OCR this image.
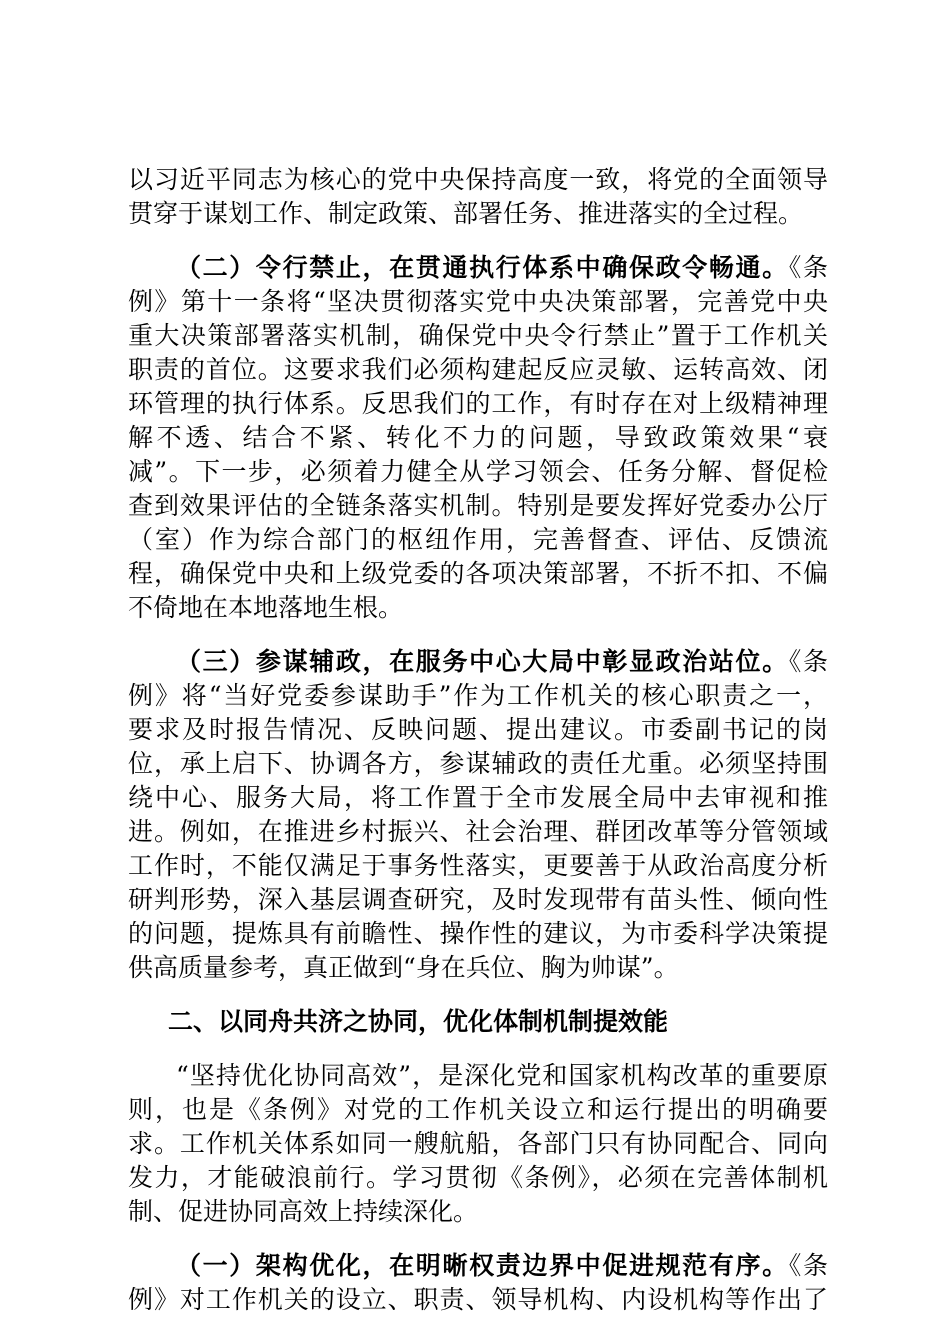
以习近平同志为核心的党中央保持高度一致，将党的全面领导
贯穿于谋划工作、制定政策、部署任务、推进落实的全过程。
（二）令行禁止，在贯通执行体系中确保政令畅通。《条
例》第十一条将“坚决贯彻落实党中央决策部署，完善党中央
重大决策部署落实机制，确保党中央令行禁止”置于工作机关
职责的首位。这要求我们必须构建起反应灵敏、运转高效、闭
环管理的执行体系。反思我们的工作，有时存在对上级精神理
解不透、结合不紧、转化不力的问题，导致政策效果“衰
减”。下一步，必须着力健全从学习领会、任务分解、督促检
查到效果评估的全链条落实机制。特别是要发挥好党委办公厅
（室）作为综合部门的枢纽作用，完善督查、评估、反馈流
程，确保党中央和上级党委的各项决策部署，不折不扣、不偏
不倚地在本地落地生根。
（三）参谋辅政，在服务中心大局中彰显政治站位。《条
例》将“当好党委参谋助手”作为工作机关的核心职责之一，
要求及时报告情况、反映问题、提出建议。市委副书记的岗
位，承上启下、协调各方，参谋辅政的责任尤重。必须坚持围
绕中心、服务大局，将工作置于全市发展全局中去审视和推
进。例如，在推进乡村振兴、社会治理、群团改革等分管领域
工作时，不能仅满足于事务性落实，更要善于从政治高度分析
研判形势，深入基层调查研究，及时发现带有苗头性、倾向性
的问题，提炼具有前瞻性、操作性的建议，为市委科学决策提
供高质量参考，真正做到“身在兵位、胸为帅谋”。
二、以同舟共济之协同，优化体制机制提效能
“坚持优化协同高效”，是深化党和国家机构改革的重要原
则，也是《条例》对党的工作机关设立和运行提出的明确要
求。工作机关体系如同一艘航船，各部门只有协同配合、同向
发力，才能破浪前行。学习贯彻《条例》，必须在完善体制机
制、促进协同高效上持续深化。
（一）架构优化，在明晰权责边界中促进规范有序。《条
例》对工作机关的设立、职责、领导机构、内设机构等作出了
